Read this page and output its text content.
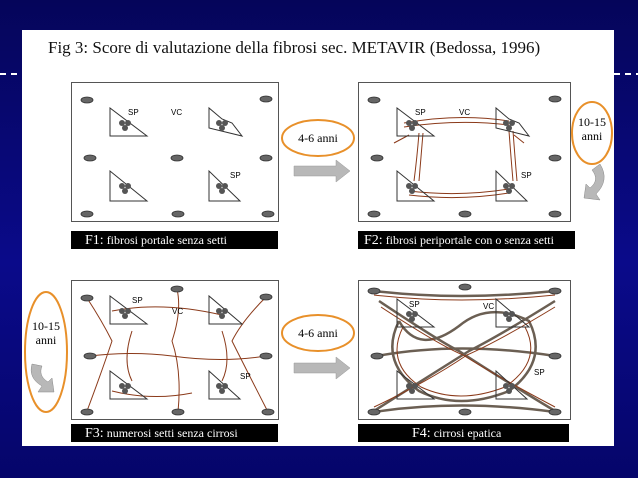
Fig 3: Score di valutazione della fibrosi sec. METAVIR (Bedossa, 1996)
SP	VC
SP
F1: fibrosi portale senza setti
SP	VC
SP
F2: fibrosi periportale con o senza setti
SP
VC
SP
F3: numerosi setti senza cirrosi
SP	VC
SP
F4: cirrosi epatica
4-6 anni
10-15
anni
10-15
anni	4-6 anni
